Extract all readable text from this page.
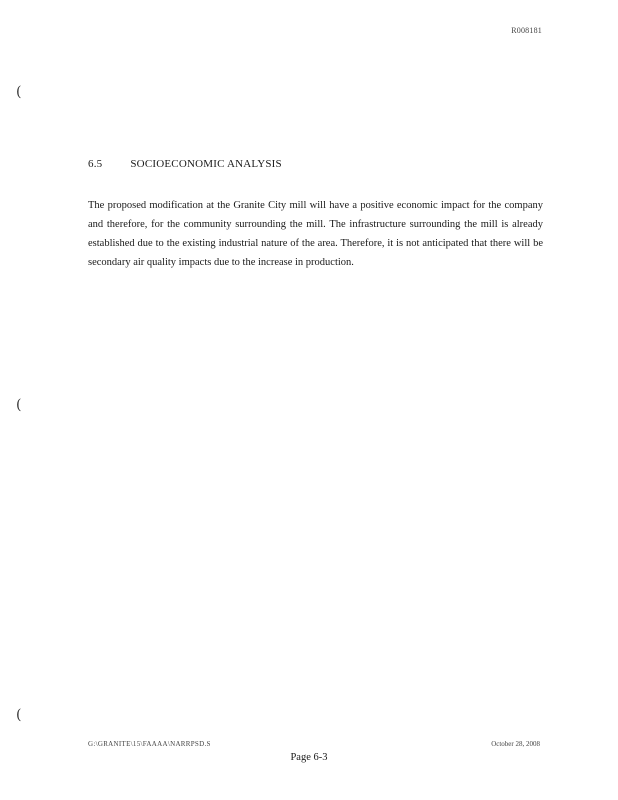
R008181
(
(
(
6.5	SOCIOECONOMIC ANALYSIS

The proposed modification at the Granite City mill will have a positive economic impact for the company and therefore, for the community surrounding the mill. The infrastructure surrounding the mill is already established due to the existing industrial nature of the area. Therefore, it is not anticipated that there will be secondary air quality impacts due to the increase in production.

G:\GRANITE\15\FAAAA\NARRPSD.S	October 28, 2008
Page 6-3
